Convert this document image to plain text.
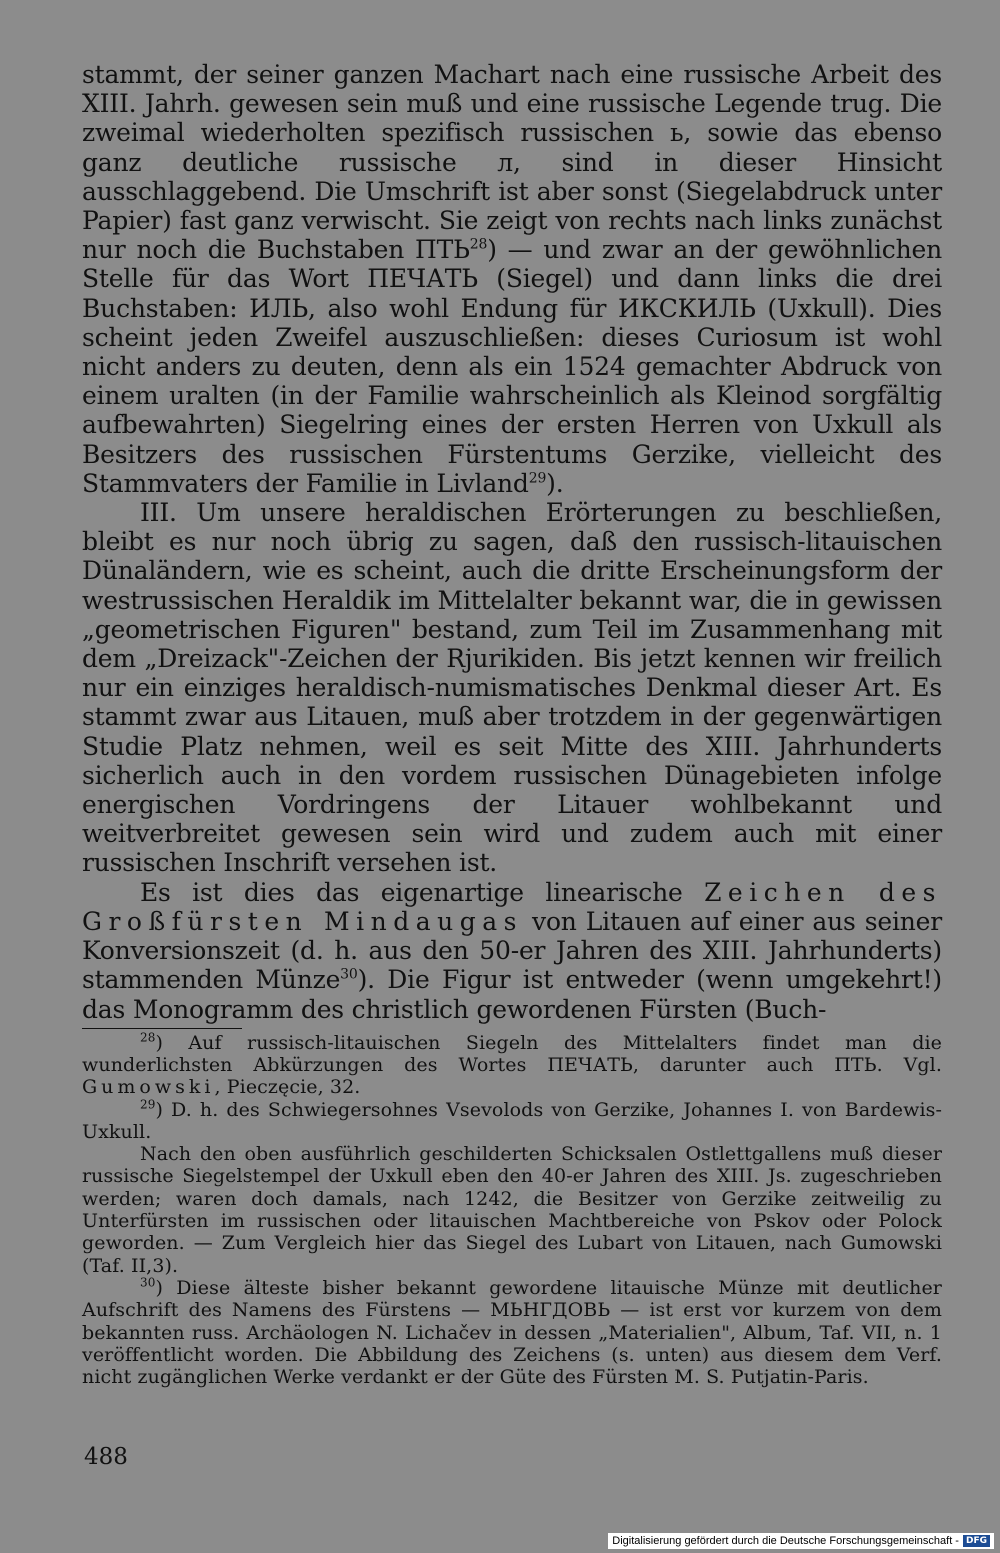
stammt, der seiner ganzen Machart nach eine russische Arbeit des XIII. Jahrh. gewesen sein muß und eine russische Legende trug. Die zweimal wiederholten spezifisch russischen ь, sowie das ebenso ganz deutliche russische л, sind in dieser Hinsicht ausschlaggebend. Die Umschrift ist aber sonst (Siegelabdruck unter Papier) fast ganz verwischt. Sie zeigt von rechts nach links zunächst nur noch die Buchstaben ПТЬ$^{28}$) — und zwar an der gewöhnlichen Stelle für das Wort ПЕЧАТЬ (Siegel) und dann links die drei Buchstaben: ИЛЬ, also wohl Endung für ИКСКИЛЬ (Uxkull). Dies scheint jeden Zweifel auszuschließen: dieses Curiosum ist wohl nicht anders zu deuten, denn als ein 1524 gemachter Abdruck von einem uralten (in der Familie wahrscheinlich als Kleinod sorgfältig aufbewahrten) Siegelring eines der ersten Herren von Uxkull als Besitzers des russischen Fürstentums Gerzike, vielleicht des Stammvaters der Familie in Livland$^{29}$).

III. Um unsere heraldischen Erörterungen zu beschließen, bleibt es nur noch übrig zu sagen, daß den russisch-litauischen Dünaländern, wie es scheint, auch die dritte Erscheinungsform der westrussischen Heraldik im Mittelalter bekannt war, die in gewissen „geometrischen Figuren" bestand, zum Teil im Zusammenhang mit dem „Dreizack"-Zeichen der Rjurikiden. Bis jetzt kennen wir freilich nur ein einziges heraldisch-numismatisches Denkmal dieser Art. Es stammt zwar aus Litauen, muß aber trotzdem in der gegenwärtigen Studie Platz nehmen, weil es seit Mitte des XIII. Jahrhunderts sicherlich auch in den vordem russischen Dünagebieten infolge energischen Vordringens der Litauer wohlbekannt und weitverbreitet gewesen sein wird und zudem auch mit einer russischen Inschrift versehen ist.

Es ist dies das eigenartige linearische Zeichen des Großfürsten Mindaugas von Litauen auf einer aus seiner Konversionszeit (d. h. aus den 50-er Jahren des XIII. Jahrhunderts) stammenden Münze$^{30}$). Die Figur ist entweder (wenn umgekehrt!) das Monogramm des christlich gewordenen Fürsten (Buch-

$^{28}$) Auf russisch-litauischen Siegeln des Mittelalters findet man die wunderlichsten Abkürzungen des Wortes ПЕЧАТЬ, darunter auch ПТЬ. Vgl. Gumowski, Pieczęcie, 32.

$^{29}$) D. h. des Schwiegersohnes Vsevolods von Gerzike, Johannes I. von Bardewis-Uxkull.

Nach den oben ausführlich geschilderten Schicksalen Ostlettgallens muß dieser russische Siegelstempel der Uxkull eben den 40-er Jahren des XIII. Js. zugeschrieben werden; waren doch damals, nach 1242, die Besitzer von Gerzike zeitweilig zu Unterfürsten im russischen oder litauischen Machtbereiche von Pskov oder Polock geworden. — Zum Vergleich hier das Siegel des Lubart von Litauen, nach Gumowski (Taf. II,3).

$^{30}$) Diese älteste bisher bekannt gewordene litauische Münze mit deutlicher Aufschrift des Namens des Fürstens — МЬНГДОВЬ — ist erst vor kurzem von dem bekannten russ. Archäologen N. Lichačev in dessen „Materialien", Album, Taf. VII, n. 1 veröffentlicht worden. Die Abbildung des Zeichens (s. unten) aus diesem dem Verf. nicht zugänglichen Werke verdankt er der Güte des Fürsten M. S. Putjatin-Paris.

488
Digitalisierung gefördert durch die Deutsche Forschungsgemeinschaft - DFG
